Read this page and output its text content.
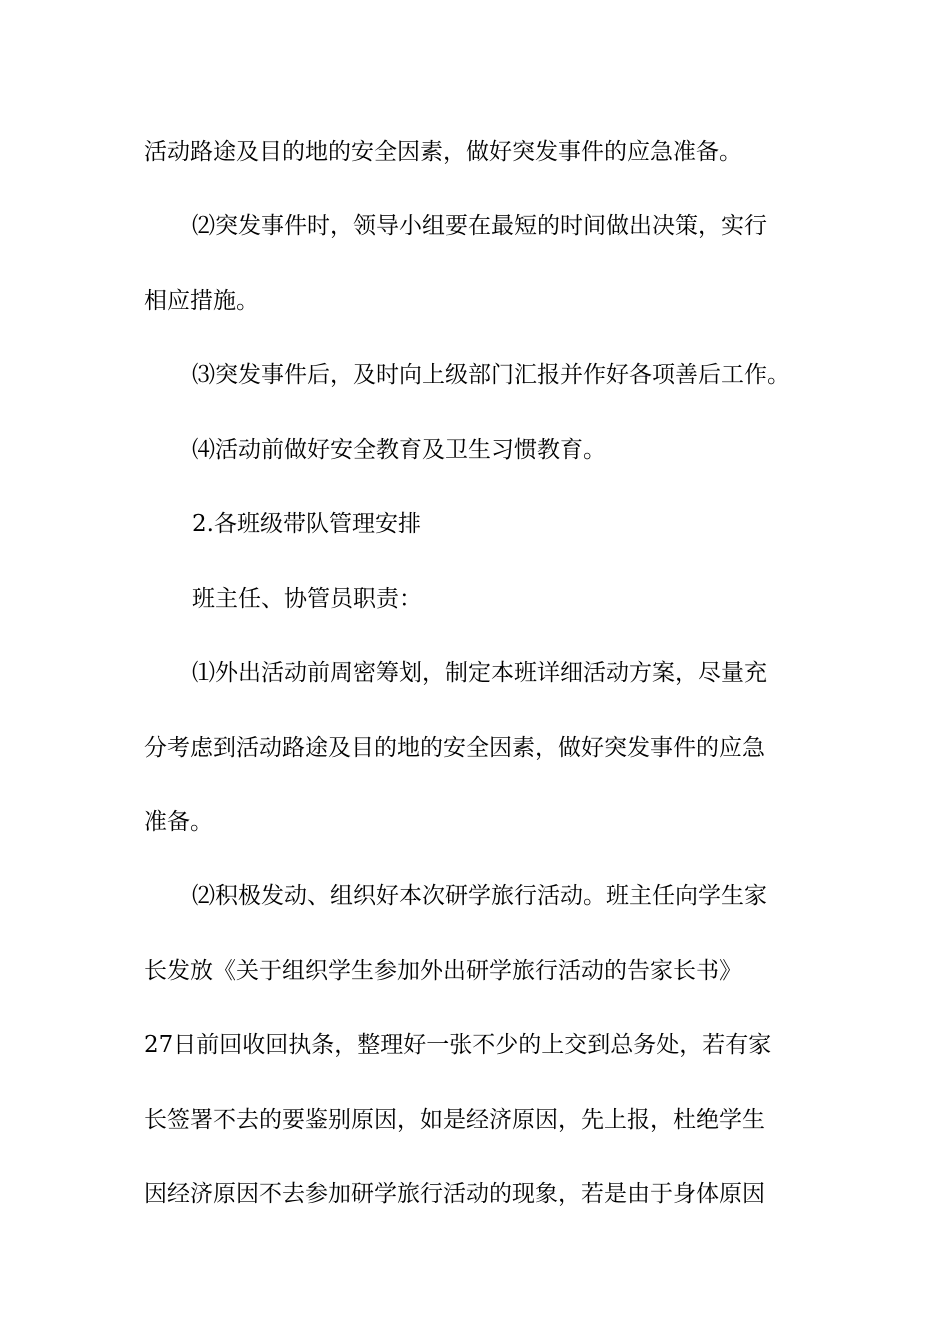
活动路途及目的地的安全因素，做好突发事件的应急准备。
⑵突发事件时，领导小组要在最短的时间做出决策，实行
相应措施。
⑶突发事件后，及时向上级部门汇报并作好各项善后工作。
⑷活动前做好安全教育及卫生习惯教育。
2.各班级带队管理安排
班主任、协管员职责：
⑴外出活动前周密筹划，制定本班详细活动方案，尽量充
分考虑到活动路途及目的地的安全因素，做好突发事件的应急
准备。
⑵积极发动、组织好本次研学旅行活动。班主任向学生家
长发放《关于组织学生参加外出研学旅行活动的告家长书》
27日前回收回执条，整理好一张不少的上交到总务处，若有家
长签署不去的要鉴别原因，如是经济原因，先上报，杜绝学生
因经济原因不去参加研学旅行活动的现象，若是由于身体原因
